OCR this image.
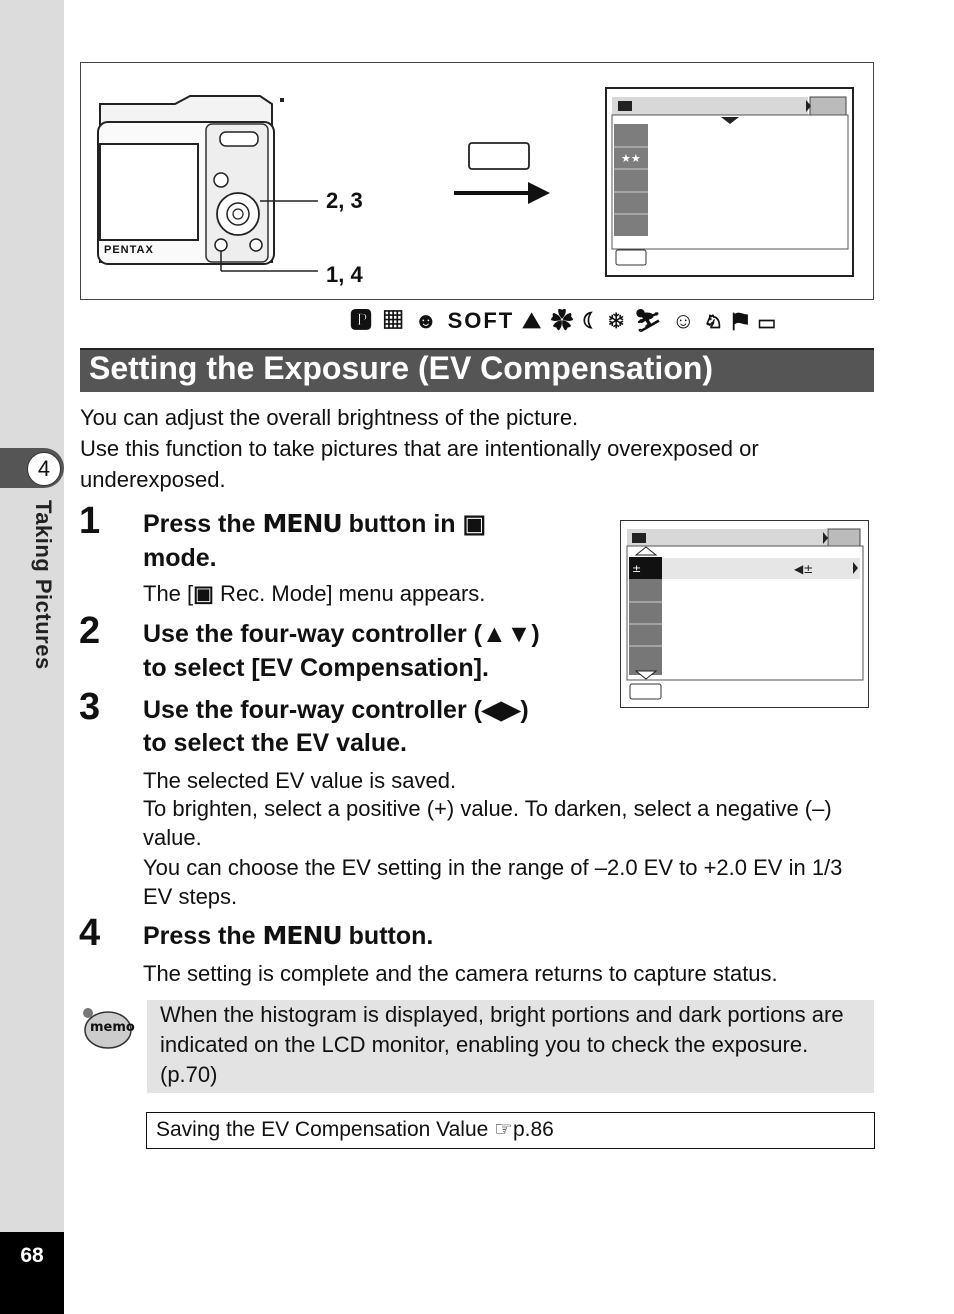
4
Taking Pictures
68
★★
2, 3
1, 4
PENTAX
🅿 ▦ ☻ SOFT ⛰ ✿ ☾ ❄ ⛷ ☺ ♘ ⚑ ▭
Setting the Exposure (EV Compensation)
You can adjust the overall brightness of the picture.
Use this function to take pictures that are intentionally overexposed or underexposed.
1 Press the MENU button in ▣
mode.
The [▣ Rec. Mode] menu appears.
2 Use the four-way controller (▲▼)
to select [EV Compensation].
3 Use the four-way controller (◀▶)
to select the EV value.
The selected EV value is saved.
To brighten, select a positive (+) value. To darken, select a negative (–) value.
You can choose the EV setting in the range of –2.0 EV to +2.0 EV in 1/3 EV steps.
±	◀±
4 Press the MENU button.
The setting is complete and the camera returns to capture status.
memo
When the histogram is displayed, bright portions and dark portions are indicated on the LCD monitor, enabling you to check the exposure. (p.70)
Saving the EV Compensation Value ☞p.86
